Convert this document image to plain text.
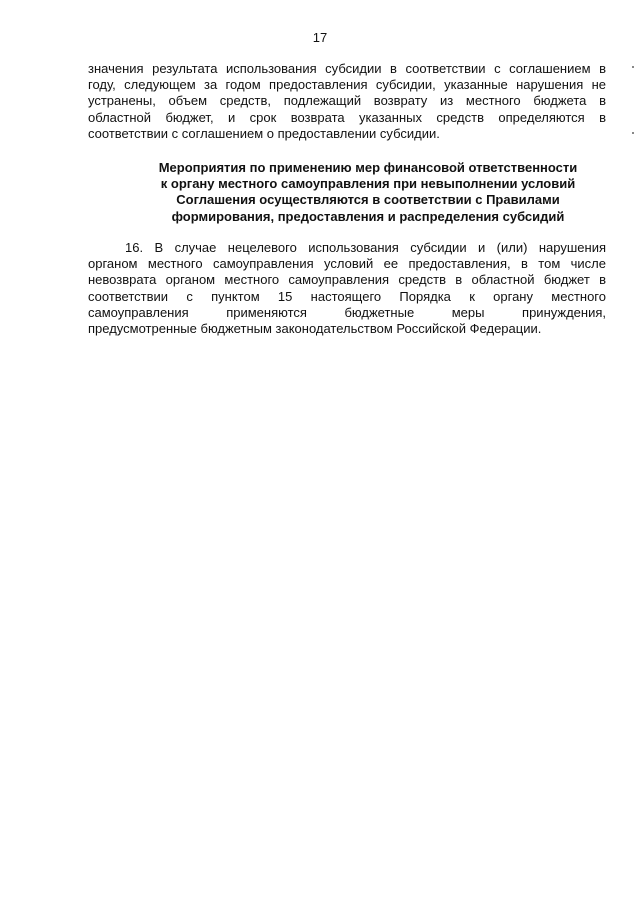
17

значения результата использования субсидии в соответствии с соглашением в
году, следующем за годом предоставления субсидии, указанные нарушения не
устранены, объем средств, подлежащий возврату из местного бюджета в
областной бюджет, и срок возврата указанных средств определяются в
соответствии с соглашением о предоставлении субсидии.

Мероприятия по применению мер финансовой ответственности
к органу местного самоуправления при невыполнении условий
Соглашения осуществляются в соответствии с Правилами
формирования, предоставления и распределения субсидий

16. В случае нецелевого использования субсидии и (или) нарушения
органом местного самоуправления условий ее предоставления, в том числе
невозврата органом местного самоуправления средств в областной бюджет в
соответствии с пунктом 15 настоящего Порядка к органу местного
самоуправления применяются бюджетные меры принуждения,
предусмотренные бюджетным законодательством Российской Федерации.
